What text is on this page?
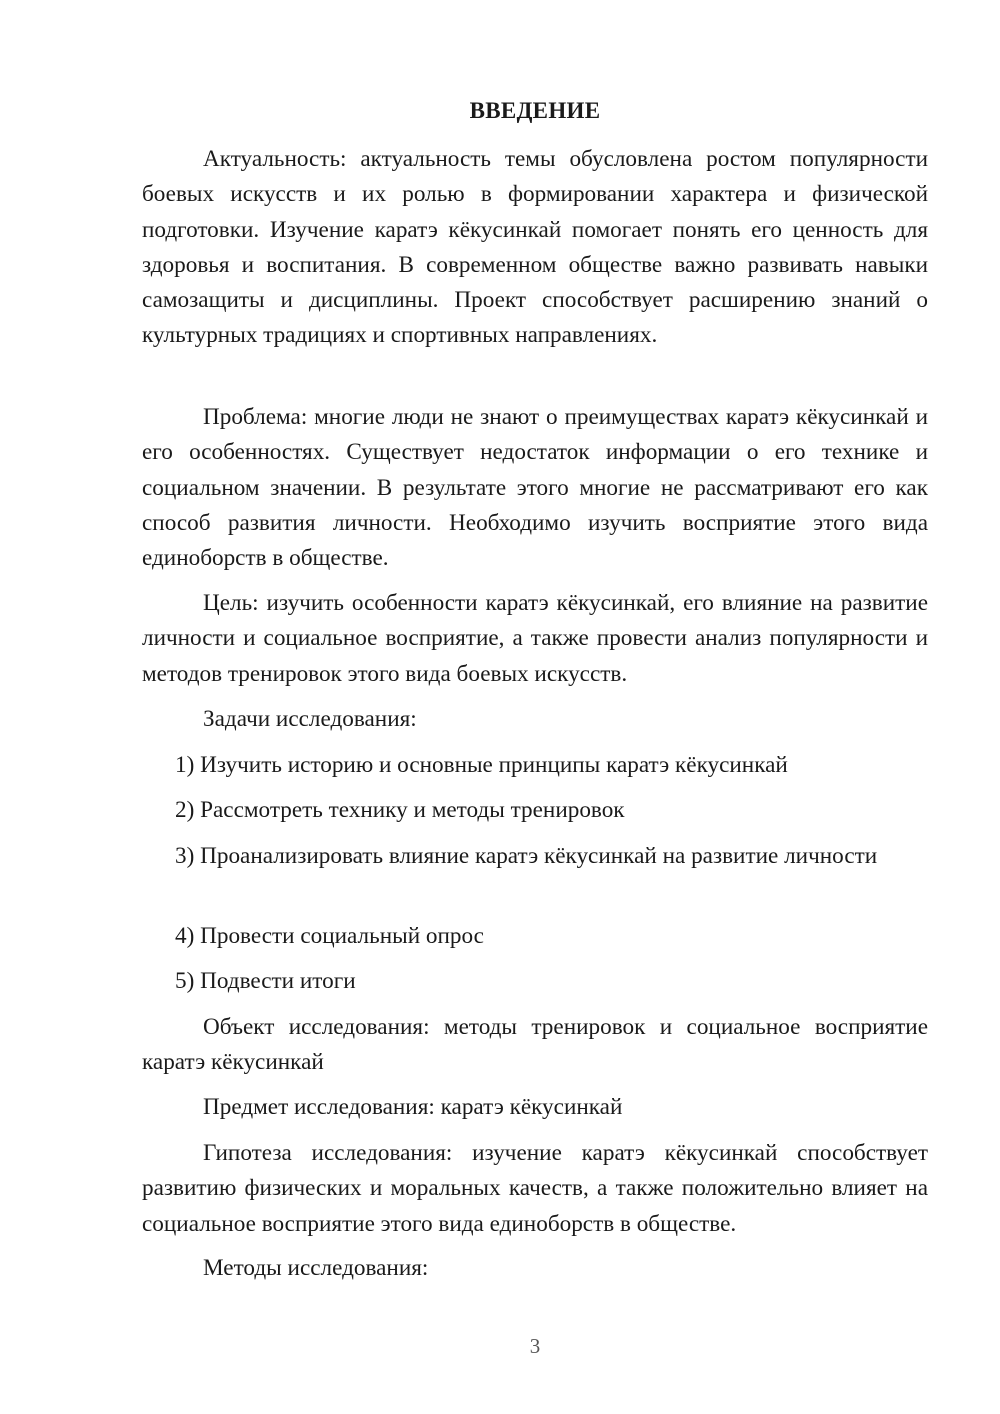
ВВЕДЕНИЕ

Актуальность: актуальность темы обусловлена ростом популярности боевых искусств и их ролью в формировании характера и физической подготовки. Изучение каратэ кёкусинкай помогает понять его ценность для здоровья и воспитания. В современном обществе важно развивать навыки самозащиты и дисциплины. Проект способствует расширению знаний о культурных традициях и спортивных направлениях.

Проблема: многие люди не знают о преимуществах каратэ кёкусинкай и его особенностях. Существует недостаток информации о его технике и социальном значении. В результате этого многие не рассматривают его как способ развития личности. Необходимо изучить восприятие этого вида единоборств в обществе.

Цель: изучить особенности каратэ кёкусинкай, его влияние на развитие личности и социальное восприятие, а также провести анализ популярности и методов тренировок этого вида боевых искусств.

Задачи исследования:

1) Изучить историю и основные принципы каратэ кёкусинкай

2) Рассмотреть технику и методы тренировок

3) Проанализировать влияние каратэ кёкусинкай на развитие личности

4) Провести социальный опрос

5) Подвести итоги

Объект исследования: методы тренировок и социальное восприятие каратэ кёкусинкай

Предмет исследования: каратэ кёкусинкай

Гипотеза исследования: изучение каратэ кёкусинкай способствует развитию физических и моральных качеств, а также положительно влияет на социальное восприятие этого вида единоборств в обществе.

Методы исследования:

3
